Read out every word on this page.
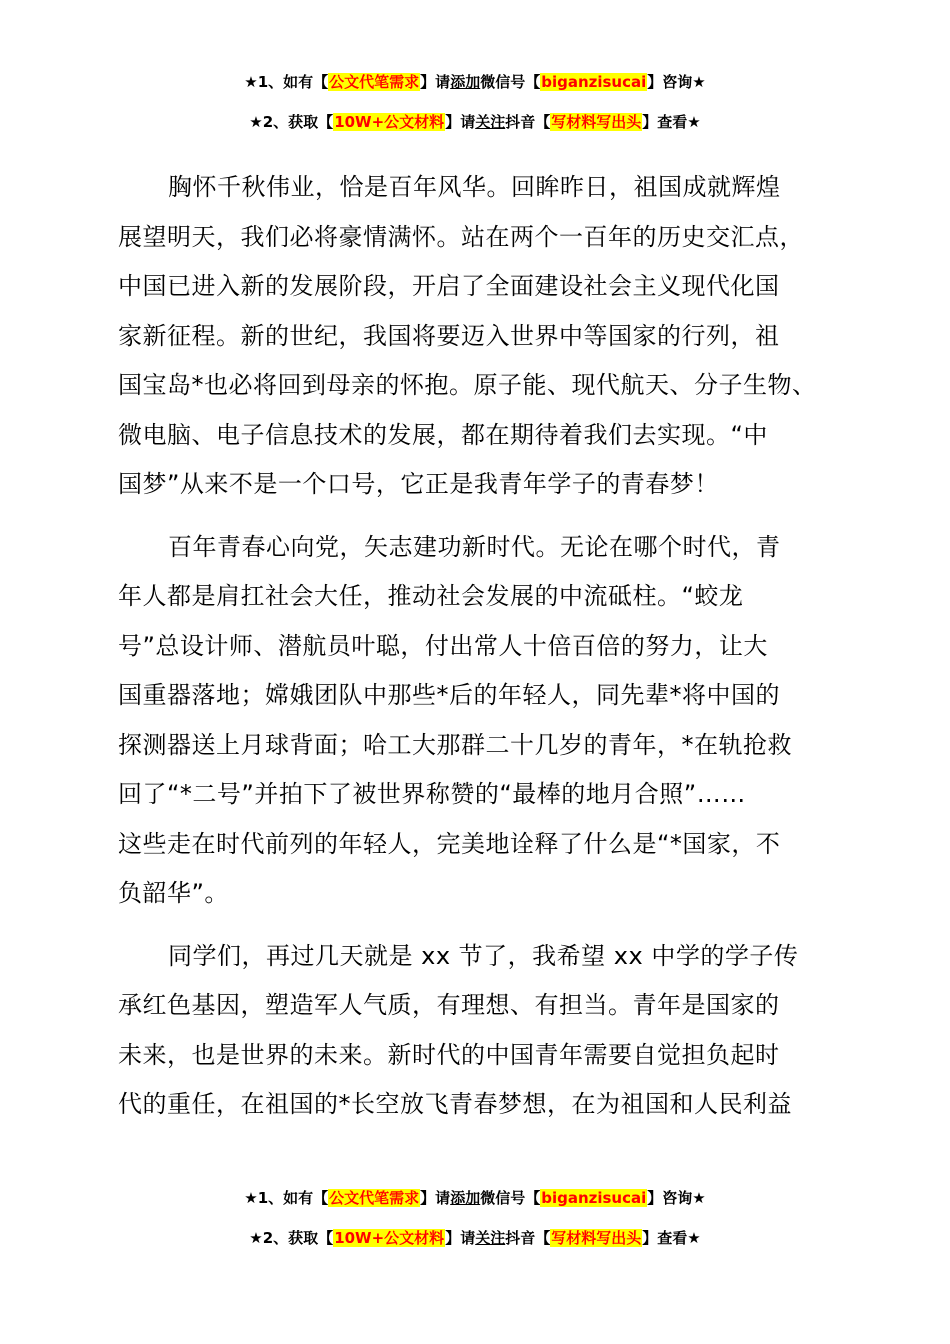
★1、如有【公文代笔需求】请添加微信号【biganzisucai】咨询★
★2、获取【10W+公文材料】请关注抖音【写材料写出头】查看★
胸怀千秋伟业，恰是百年风华。回眸昨日，祖国成就辉煌
展望明天，我们必将豪情满怀。站在两个一百年的历史交汇点，
中国已进入新的发展阶段，开启了全面建设社会主义现代化国
家新征程。新的世纪，我国将要迈入世界中等国家的行列，祖
国宝岛*也必将回到母亲的怀抱。原子能、现代航天、分子生物、
微电脑、电子信息技术的发展，都在期待着我们去实现。“中
国梦”从来不是一个口号，它正是我青年学子的青春梦！
百年青春心向党，矢志建功新时代。无论在哪个时代，青
年人都是肩扛社会大任，推动社会发展的中流砥柱。“蛟龙
号”总设计师、潜航员叶聪，付出常人十倍百倍的努力，让大
国重器落地；嫦娥团队中那些*后的年轻人，同先辈*将中国的
探测器送上月球背面；哈工大那群二十几岁的青年，*在轨抢救
回了“*二号”并拍下了被世界称赞的“最棒的地月合照”……
这些走在时代前列的年轻人，完美地诠释了什么是“*国家，不
负韶华”。
同学们，再过几天就是 xx 节了，我希望 xx 中学的学子传
承红色基因，塑造军人气质，有理想、有担当。青年是国家的
未来，也是世界的未来。新时代的中国青年需要自觉担负起时
代的重任，在祖国的*长空放飞青春梦想，在为祖国和人民利益
★1、如有【公文代笔需求】请添加微信号【biganzisucai】咨询★
★2、获取【10W+公文材料】请关注抖音【写材料写出头】查看★
